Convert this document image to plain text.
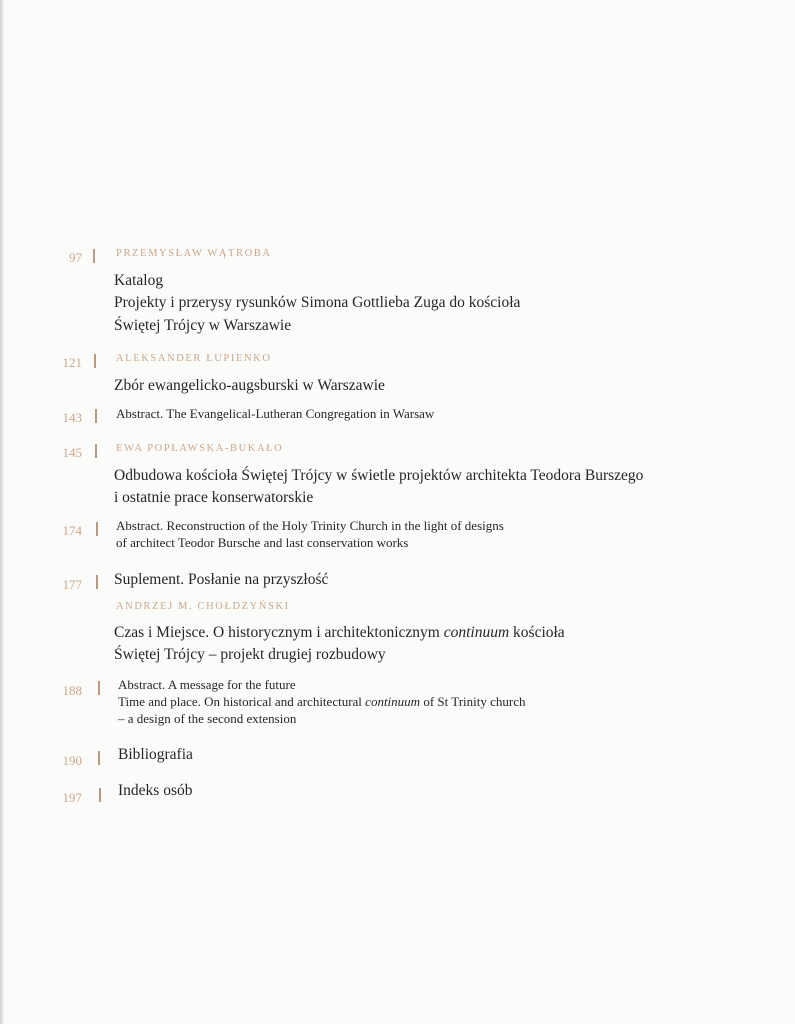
97	PRZEMYSŁAW WĄTROBA
Katalog
Projekty i przerysy rysunków Simona Gottlieba Zuga do kościoła
Świętej Trójcy w Warszawie
121	ALEKSANDER ŁUPIENKO
Zbór ewangelicko-augsburski w Warszawie
143	Abstract. The Evangelical-Lutheran Congregation in Warsaw
145	EWA POPŁAWSKA-BUKAŁO
Odbudowa kościoła Świętej Trójcy w świetle projektów architekta Teodora Burszego
i ostatnie prace konserwatorskie
174	Abstract. Reconstruction of the Holy Trinity Church in the light of designs
of architect Teodor Bursche and last conservation works
177 Suplement. Posłanie na przyszłość
ANDRZEJ M. CHOŁDZYŃSKI
Czas i Miejsce. O historycznym i architektonicznym continuum kościoła
Świętej Trójcy – projekt drugiej rozbudowy
188	Abstract. A message for the future
Time and place. On historical and architectural continuum of St Trinity church
– a design of the second extension
190 Bibliografia
197 Indeks osób
